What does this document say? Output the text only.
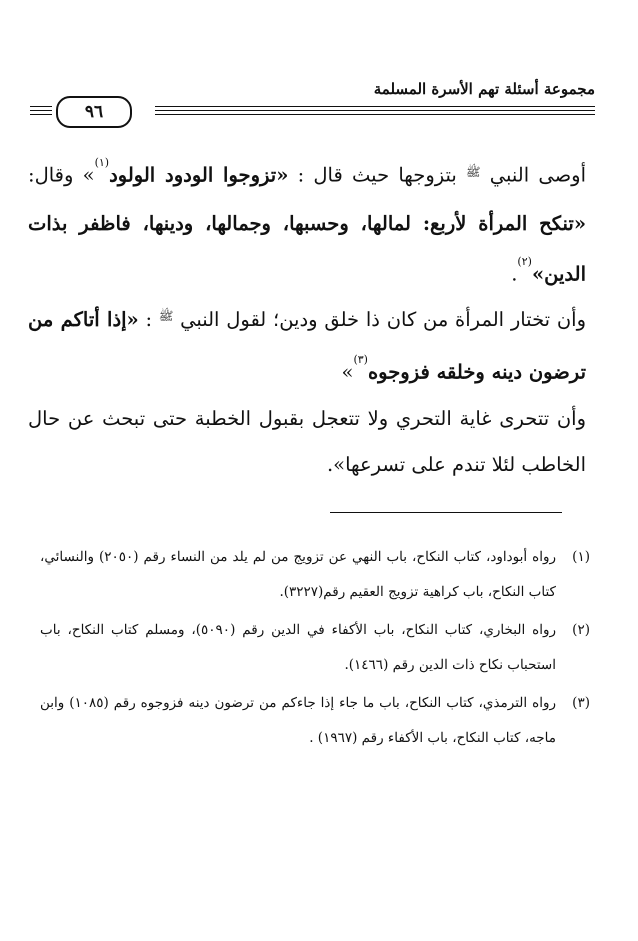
مجموعة أسئلة تهم الأسرة المسلمة
٩٦

أوصى النبي $^ﷺ$ بتزوجها حيث قال : «تزوجوا الودود الولود$^{(١)}$» وقال: «تنكح المرأة لأربع: لمالها، وحسبها، وجمالها، ودينها، فاظفر بذات الدين»$^{(٢)}$.

وأن تختار المرأة من كان ذا خلق ودين؛ لقول النبي $^ﷺ$ : «إذا أتاكم من ترضون دينه وخلقه فزوجوه$^{(٣)}$»

وأن تتحرى غاية التحري ولا تتعجل بقبول الخطبة حتى تبحث عن حال الخاطب لئلا تندم على تسرعها».

(١)
رواه أبوداود، كتاب النكاح، باب النهي عن تزويج من لم يلد من النساء رقم (٢٠٥٠) والنسائي، كتاب النكاح، باب كراهية تزويج العقيم رقم(٣٢٢٧).
(٢)
رواه البخاري، كتاب النكاح، باب الأكفاء في الدين رقم (٥٠٩٠)، ومسلم كتاب النكاح، باب استحباب نكاح ذات الدين رقم (١٤٦٦).
(٣)
رواه الترمذي، كتاب النكاح، باب ما جاء إذا جاءكم من ترضون دينه فزوجوه رقم (١٠٨٥) وابن ماجه، كتاب النكاح، باب الأكفاء رقم (١٩٦٧) .
